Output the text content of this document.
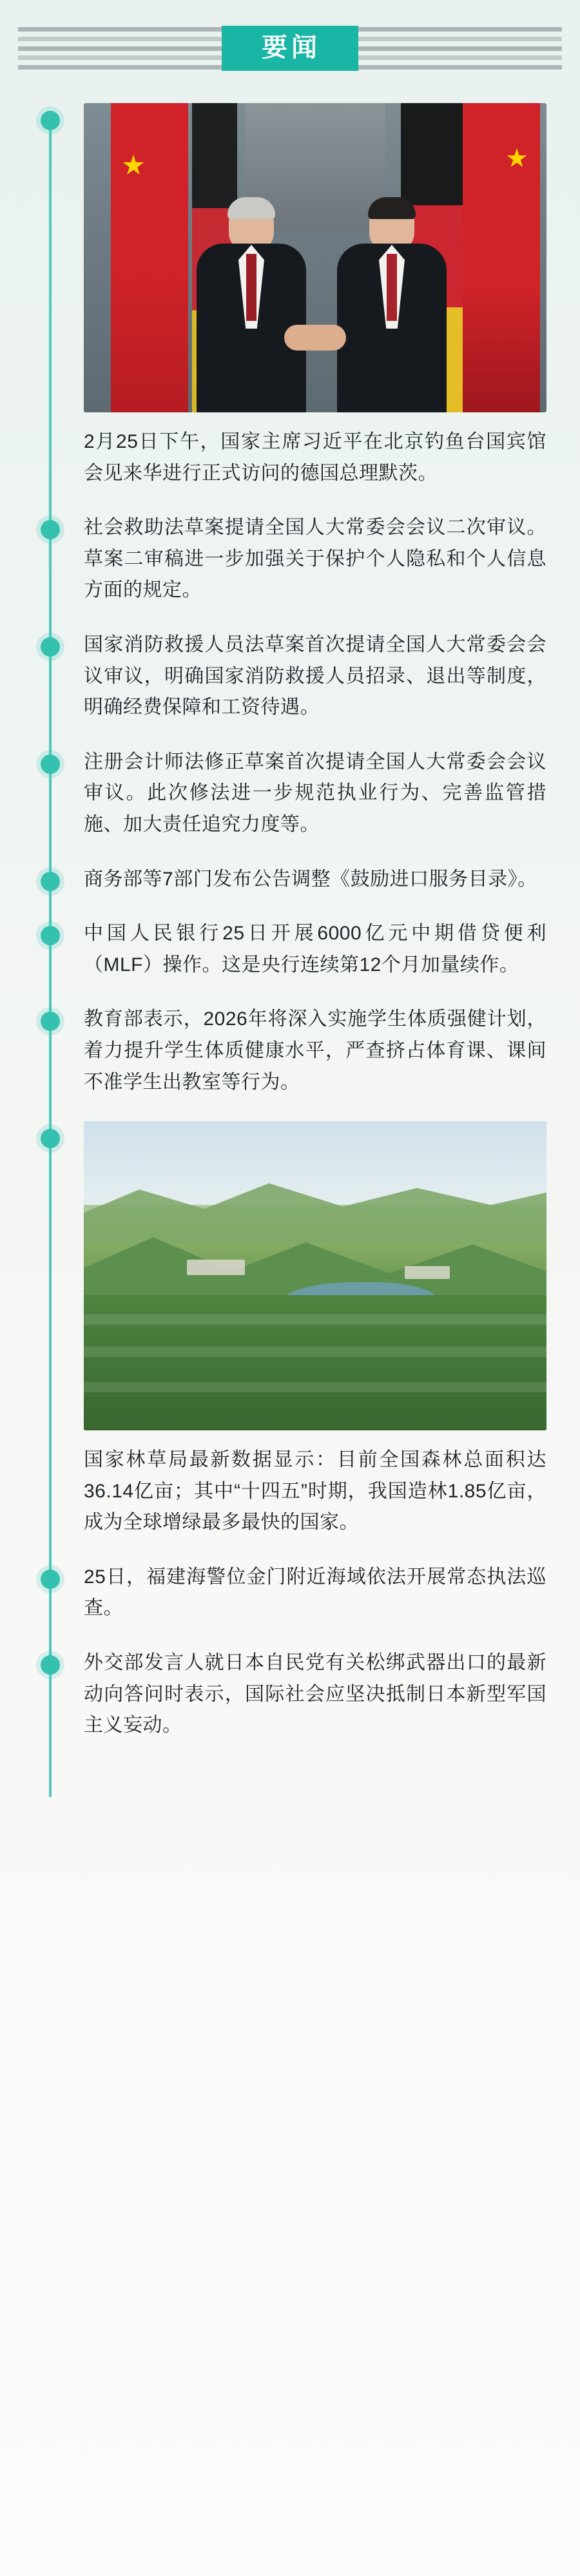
要闻

2月25日下午，国家主席习近平在北京钓鱼台国宾馆会见来华进行正式访问的德国总理默茨。

社会救助法草案提请全国人大常委会会议二次审议。草案二审稿进一步加强关于保护个人隐私和个人信息方面的规定。

国家消防救援人员法草案首次提请全国人大常委会会议审议，明确国家消防救援人员招录、退出等制度，明确经费保障和工资待遇。

注册会计师法修正草案首次提请全国人大常委会会议审议。此次修法进一步规范执业行为、完善监管措施、加大责任追究力度等。

商务部等7部门发布公告调整《鼓励进口服务目录》。

中国人民银行25日开展6000亿元中期借贷便利（MLF）操作。这是央行连续第12个月加量续作。

教育部表示，2026年将深入实施学生体质强健计划，着力提升学生体质健康水平，严查挤占体育课、课间不准学生出教室等行为。

国家林草局最新数据显示：目前全国森林总面积达36.14亿亩；其中“十四五”时期，我国造林1.85亿亩，成为全球增绿最多最快的国家。

25日，福建海警位金门附近海域依法开展常态执法巡查。

外交部发言人就日本自民党有关松绑武器出口的最新动向答问时表示，国际社会应坚决抵制日本新型军国主义妄动。
